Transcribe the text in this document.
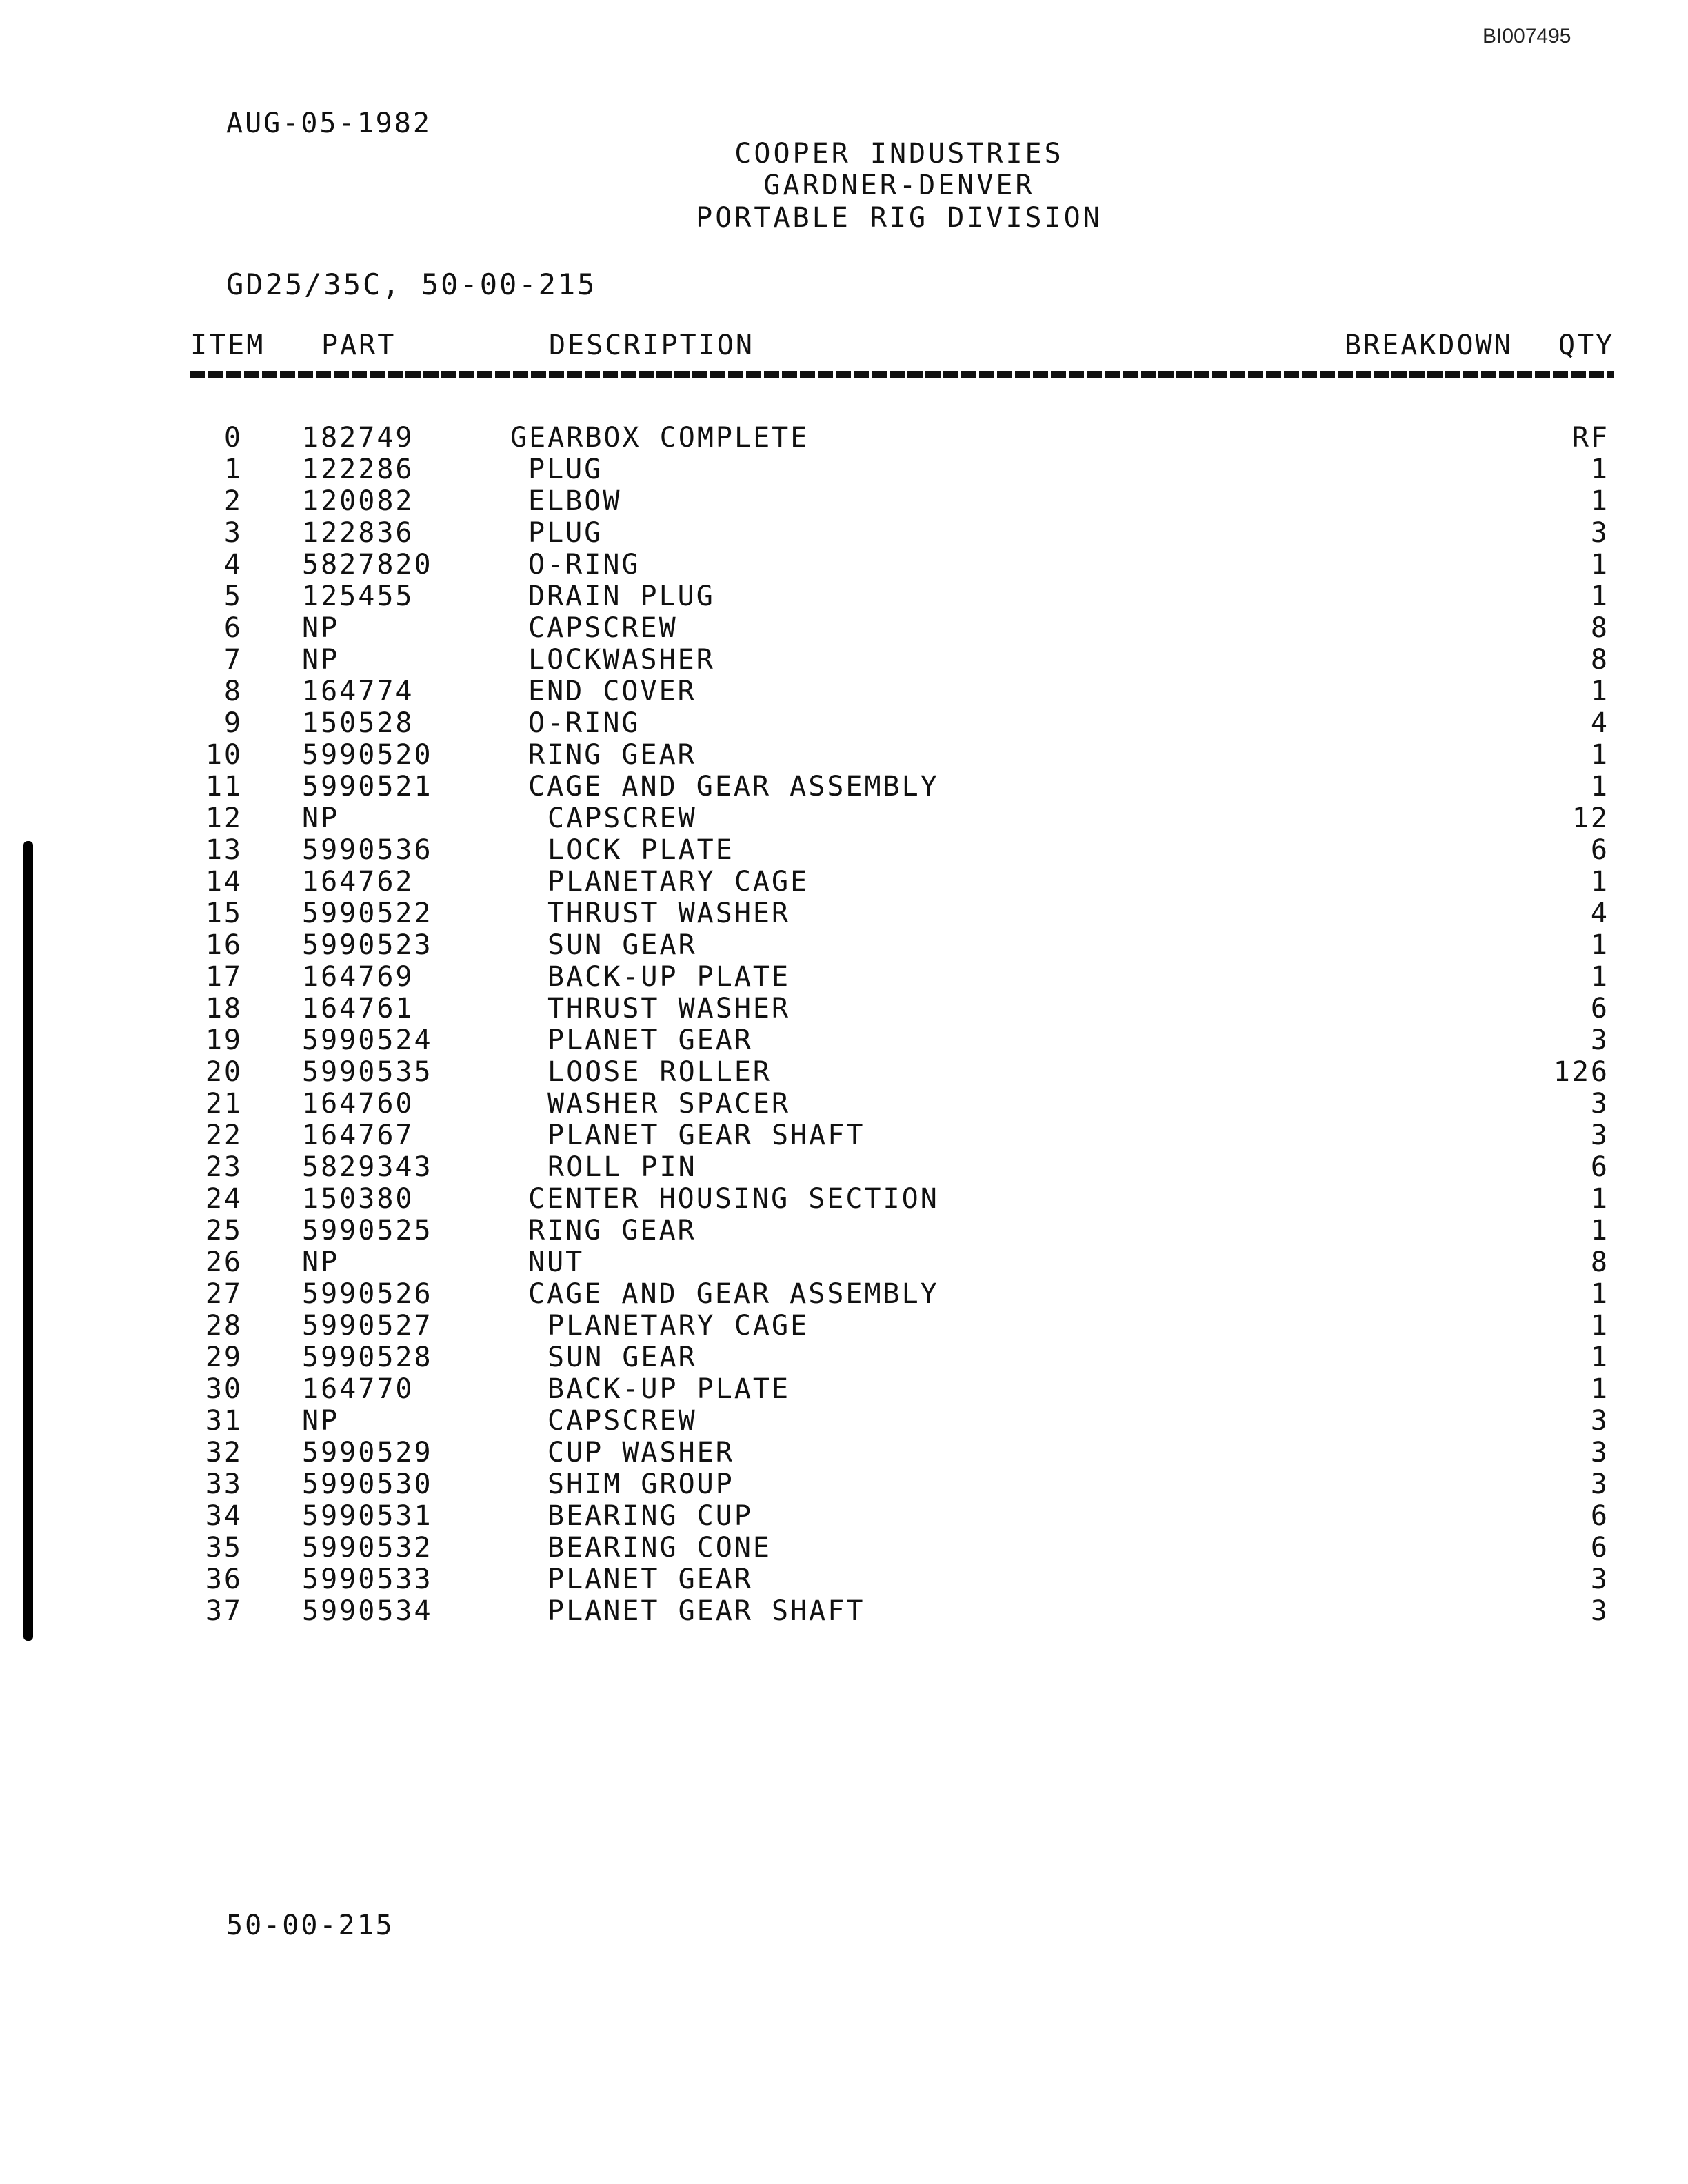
BI007495
AUG-05-1982
COOPER INDUSTRIES
GARDNER-DENVER
PORTABLE RIG DIVISION
GD25/35C, 50-00-215
ITEM PART	DESCRIPTION	BREAKDOWN QTY
0 182749	GEARBOX COMPLETE	RF
1 122286	PLUG	1
2 120082	ELBOW	1
3 122836	PLUG	3
4 5827820	O-RING	1
5 125455	DRAIN PLUG	1
6 NP	CAPSCREW	8
7 NP	LOCKWASHER	8
8 164774	END COVER	1
9 150528	O-RING	4
10 5990520	RING GEAR	1
11 5990521	CAGE AND GEAR ASSEMBLY	1
12 NP	CAPSCREW	12
13 5990536	LOCK PLATE	6
14 164762	PLANETARY CAGE	1
15 5990522	THRUST WASHER	4
16 5990523	SUN GEAR	1
17 164769	BACK-UP PLATE	1
18 164761	THRUST WASHER	6
19 5990524	PLANET GEAR	3
20 5990535	LOOSE ROLLER	126
21 164760	WASHER SPACER	3
22 164767	PLANET GEAR SHAFT	3
23 5829343	ROLL PIN	6
24 150380	CENTER HOUSING SECTION	1
25 5990525	RING GEAR	1
26 NP	NUT	8
27 5990526	CAGE AND GEAR ASSEMBLY	1
28 5990527	PLANETARY CAGE	1
29 5990528	SUN GEAR	1
30 164770	BACK-UP PLATE	1
31 NP	CAPSCREW	3
32 5990529	CUP WASHER	3
33 5990530	SHIM GROUP	3
34 5990531	BEARING CUP	6
35 5990532	BEARING CONE	6
36 5990533	PLANET GEAR	3
37 5990534	PLANET GEAR SHAFT	3
50-00-215
